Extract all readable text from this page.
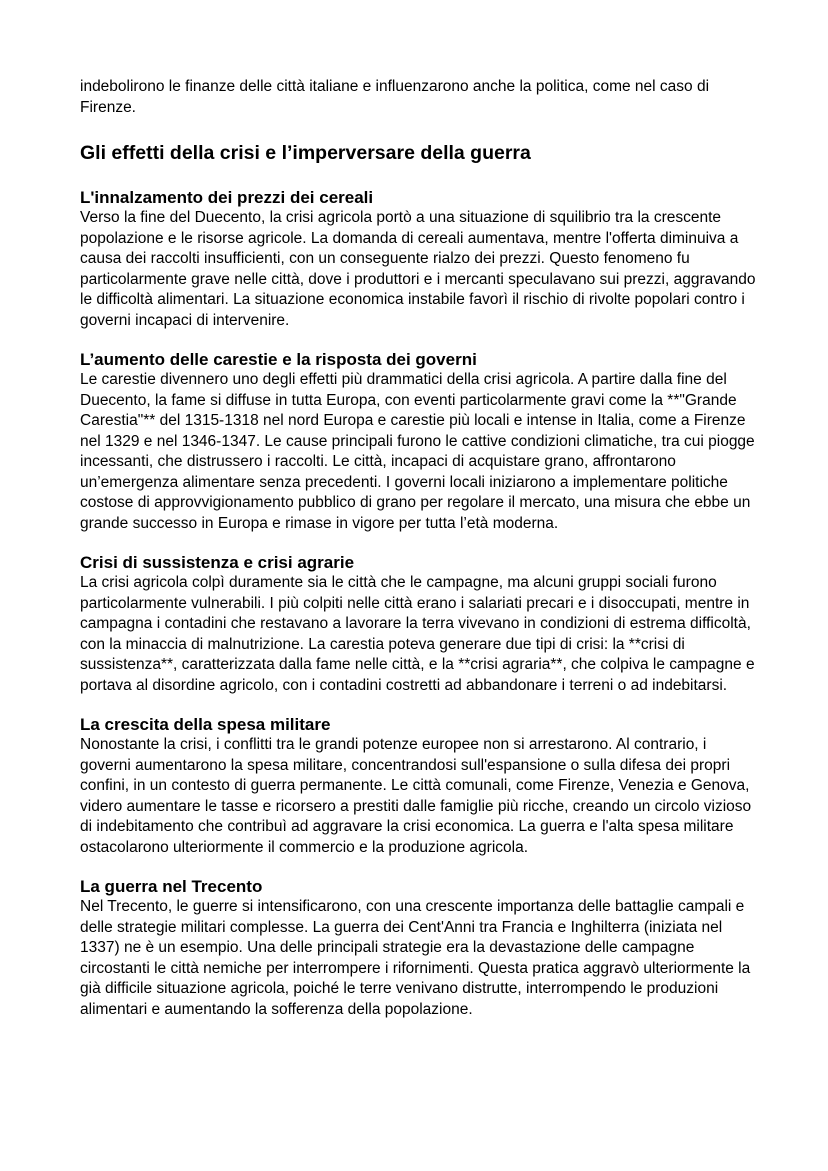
indebolirono le finanze delle città italiane e influenzarono anche la politica, come nel caso di Firenze.

Gli effetti della crisi e l’imperversare della guerra
L'innalzamento dei prezzi dei cereali

Verso la fine del Duecento, la crisi agricola portò a una situazione di squilibrio tra la crescente popolazione e le risorse agricole. La domanda di cereali aumentava, mentre l'offerta diminuiva a causa dei raccolti insufficienti, con un conseguente rialzo dei prezzi. Questo fenomeno fu particolarmente grave nelle città, dove i produttori e i mercanti speculavano sui prezzi, aggravando le difficoltà alimentari. La situazione economica instabile favorì il rischio di rivolte popolari contro i governi incapaci di intervenire.

L’aumento delle carestie e la risposta dei governi

Le carestie divennero uno degli effetti più drammatici della crisi agricola. A partire dalla fine del Duecento, la fame si diffuse in tutta Europa, con eventi particolarmente gravi come la **"Grande Carestia"** del 1315-1318 nel nord Europa e carestie più locali e intense in Italia, come a Firenze nel 1329 e nel 1346-1347. Le cause principali furono le cattive condizioni climatiche, tra cui piogge incessanti, che distrussero i raccolti. Le città, incapaci di acquistare grano, affrontarono un’emergenza alimentare senza precedenti. I governi locali iniziarono a implementare politiche costose di approvvigionamento pubblico di grano per regolare il mercato, una misura che ebbe un grande successo in Europa e rimase in vigore per tutta l’età moderna.

Crisi di sussistenza e crisi agrarie

La crisi agricola colpì duramente sia le città che le campagne, ma alcuni gruppi sociali furono particolarmente vulnerabili. I più colpiti nelle città erano i salariati precari e i disoccupati, mentre in campagna i contadini che restavano a lavorare la terra vivevano in condizioni di estrema difficoltà, con la minaccia di malnutrizione. La carestia poteva generare due tipi di crisi: la **crisi di sussistenza**, caratterizzata dalla fame nelle città, e la **crisi agraria**, che colpiva le campagne e portava al disordine agricolo, con i contadini costretti ad abbandonare i terreni o ad indebitarsi.

La crescita della spesa militare

Nonostante la crisi, i conflitti tra le grandi potenze europee non si arrestarono. Al contrario, i governi aumentarono la spesa militare, concentrandosi sull'espansione o sulla difesa dei propri confini, in un contesto di guerra permanente. Le città comunali, come Firenze, Venezia e Genova, videro aumentare le tasse e ricorsero a prestiti dalle famiglie più ricche, creando un circolo vizioso di indebitamento che contribuì ad aggravare la crisi economica. La guerra e l'alta spesa militare ostacolarono ulteriormente il commercio e la produzione agricola.

La guerra nel Trecento

Nel Trecento, le guerre si intensificarono, con una crescente importanza delle battaglie campali e delle strategie militari complesse. La guerra dei Cent'Anni tra Francia e Inghilterra (iniziata nel 1337) ne è un esempio. Una delle principali strategie era la devastazione delle campagne circostanti le città nemiche per interrompere i rifornimenti. Questa pratica aggravò ulteriormente la già difficile situazione agricola, poiché le terre venivano distrutte, interrompendo le produzioni alimentari e aumentando la sofferenza della popolazione.
